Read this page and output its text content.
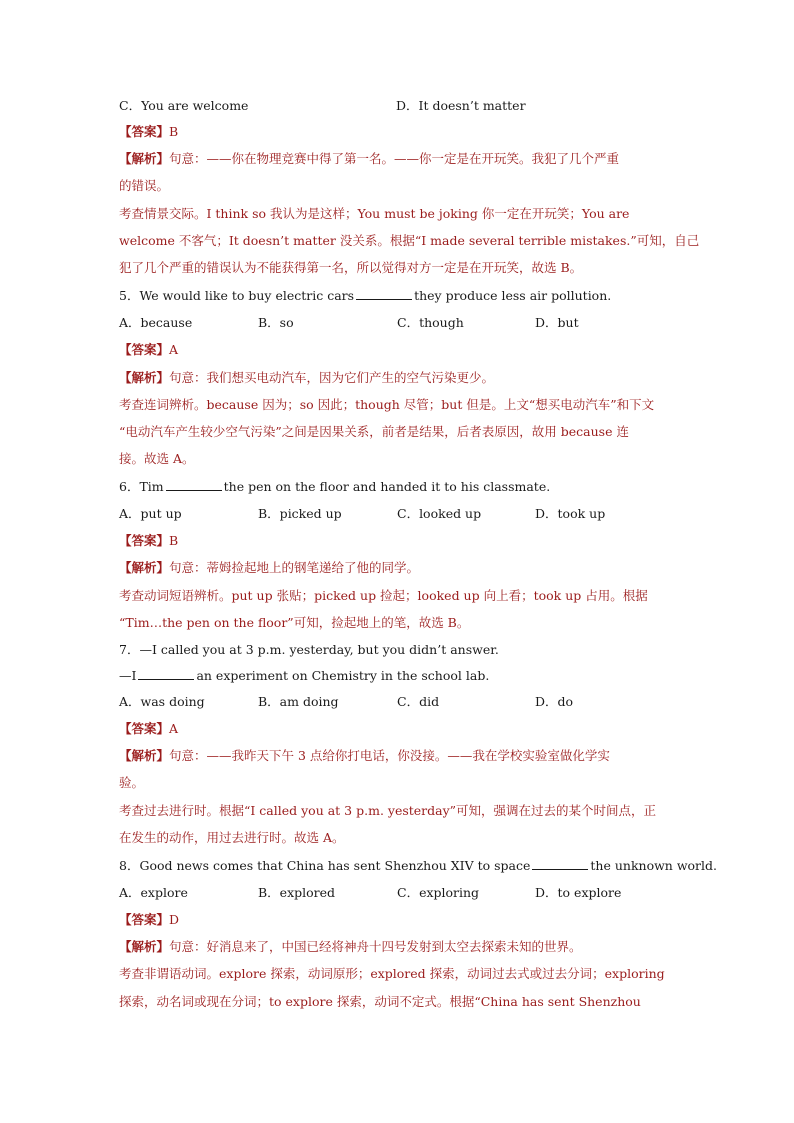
C．You are welcome	D．It doesn’t matter
【答案】B
【解析】句意：——你在物理竞赛中得了第一名。——你一定是在开玩笑。我犯了几个严重
的错误。
考查情景交际。I think so 我认为是这样；You must be joking 你一定在开玩笑；You are
welcome 不客气；It doesn’t matter 没关系。根据“I made several terrible mistakes.”可知，自己
犯了几个严重的错误认为不能获得第一名，所以觉得对方一定是在开玩笑，故选 B。
5．We would like to buy electric cars	they produce less air pollution.
A．because	B．so	C．though	D．but
【答案】A
【解析】句意：我们想买电动汽车，因为它们产生的空气污染更少。
考查连词辨析。because 因为；so 因此；though 尽管；but 但是。上文“想买电动汽车”和下文
“电动汽车产生较少空气污染”之间是因果关系，前者是结果，后者表原因，故用 because 连
接。故选 A。
6．Tim	the pen on the floor and handed it to his classmate.
A．put up	B．picked up	C．looked up	D．took up
【答案】B
【解析】句意：蒂姆捡起地上的钢笔递给了他的同学。
考查动词短语辨析。put up 张贴；picked up 捡起；looked up 向上看；took up 占用。根据
“Tim…the pen on the floor”可知，捡起地上的笔，故选 B。
7．—I called you at 3 p.m. yesterday, but you didn’t answer.
—I	an experiment on Chemistry in the school lab.
A．was doing	B．am doing	C．did	D．do
【答案】A
【解析】句意：——我昨天下午 3 点给你打电话，你没接。——我在学校实验室做化学实
验。
考查过去进行时。根据“I called you at 3 p.m. yesterday”可知，强调在过去的某个时间点，正
在发生的动作，用过去进行时。故选 A。
8．Good news comes that China has sent Shenzhou XIV to space	the unknown world.
A．explore	B．explored	C．exploring	D．to explore
【答案】D
【解析】句意：好消息来了，中国已经将神舟十四号发射到太空去探索未知的世界。
考查非谓语动词。explore 探索，动词原形；explored 探索，动词过去式或过去分词；exploring
探索，动名词或现在分词；to explore 探索，动词不定式。根据“China has sent Shenzhou
